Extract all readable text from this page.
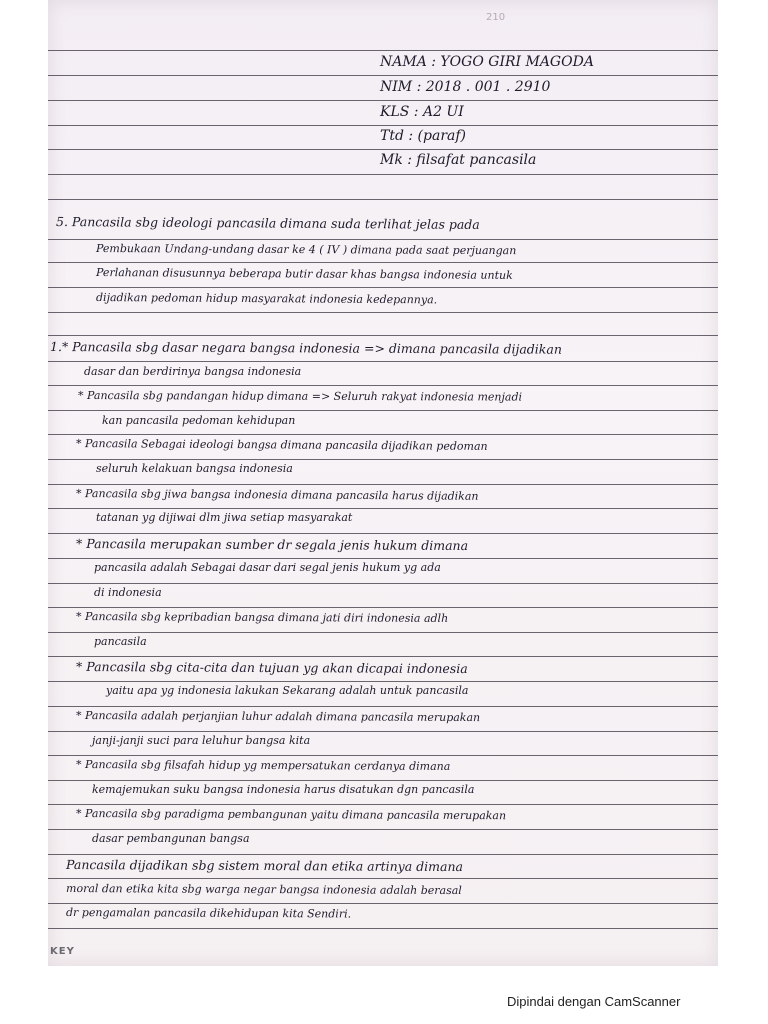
210
NAMA : YOGO GIRI MAGODA
NIM : 2018 . 001 . 2910
KLS : A2 UI
Ttd : (paraf)
Mk : filsafat pancasila
5. Pancasila sbg ideologi pancasila dimana suda terlihat jelas pada
Pembukaan Undang-undang dasar ke 4 ( IV ) dimana pada saat perjuangan
Perlahanan disusunnya beberapa butir dasar khas bangsa indonesia untuk
dijadikan pedoman hidup masyarakat indonesia kedepannya.
1.* Pancasila sbg dasar negara bangsa indonesia => dimana pancasila dijadikan
dasar dan berdirinya bangsa indonesia
* Pancasila sbg pandangan hidup dimana => Seluruh rakyat indonesia menjadi
kan pancasila pedoman kehidupan
* Pancasila Sebagai ideologi bangsa dimana pancasila dijadikan pedoman
seluruh kelakuan bangsa indonesia
* Pancasila sbg jiwa bangsa indonesia dimana pancasila harus dijadikan
tatanan yg dijiwai dlm jiwa setiap masyarakat
* Pancasila merupakan sumber dr segala jenis hukum dimana
pancasila adalah Sebagai dasar dari segal jenis hukum yg ada
di indonesia
* Pancasila sbg kepribadian bangsa dimana jati diri indonesia adlh
pancasila
* Pancasila sbg cita-cita dan tujuan yg akan dicapai indonesia
yaitu apa yg indonesia lakukan Sekarang adalah untuk pancasila
* Pancasila adalah perjanjian luhur adalah dimana pancasila merupakan
janji-janji suci para leluhur bangsa kita
* Pancasila sbg filsafah hidup yg mempersatukan cerdanya dimana
kemajemukan suku bangsa indonesia harus disatukan dgn pancasila
* Pancasila sbg paradigma pembangunan yaitu dimana pancasila merupakan
dasar pembangunan bangsa
Pancasila dijadikan sbg sistem moral dan etika artinya dimana
moral dan etika kita sbg warga negar bangsa indonesia adalah berasal
dr pengamalan pancasila dikehidupan kita Sendiri.
KEY
Dipindai dengan CamScanner
